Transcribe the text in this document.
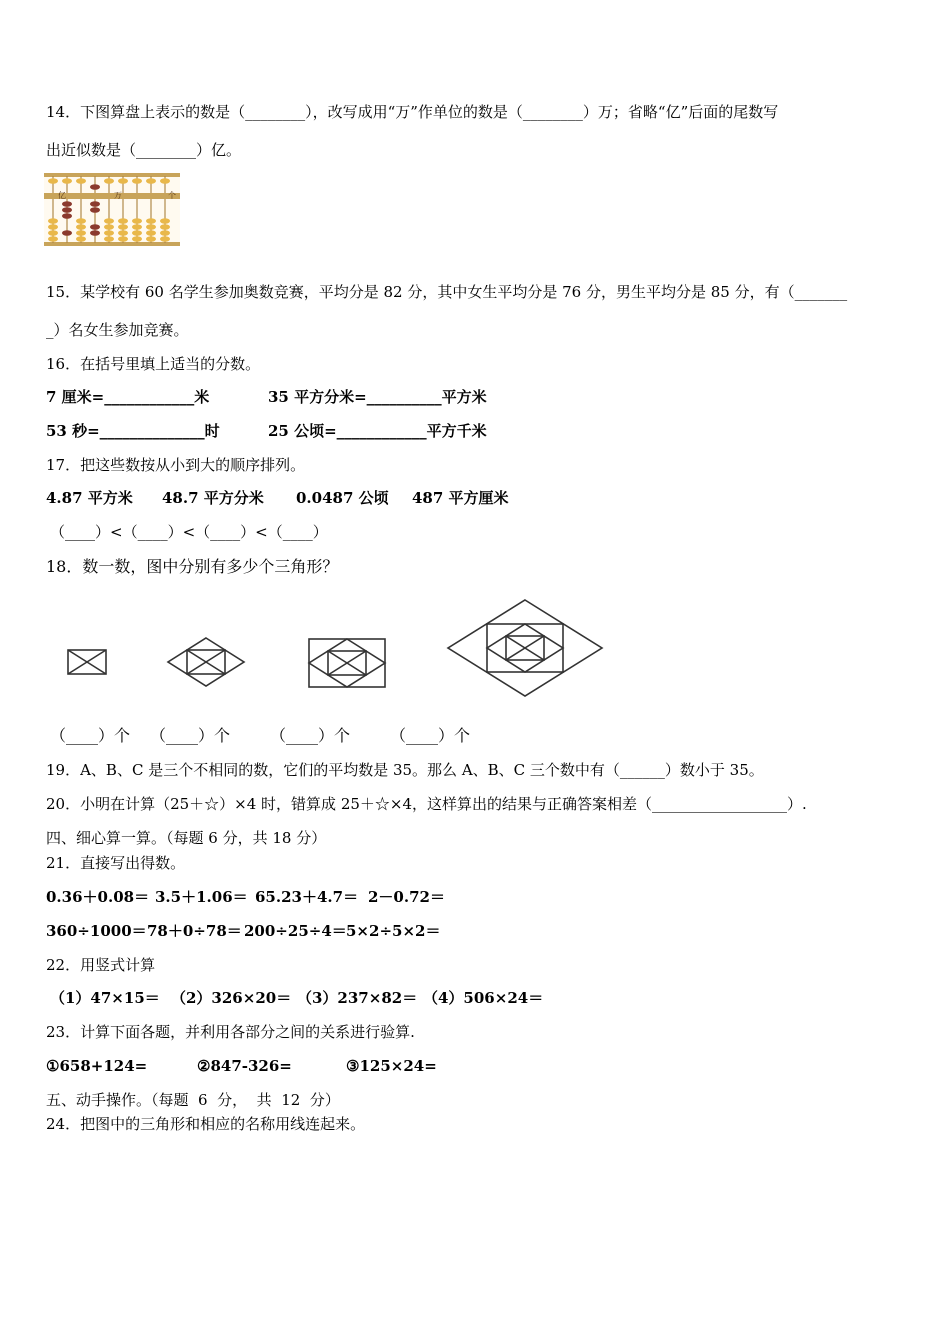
14．下图算盘上表示的数是（________），改写成用“万”作单位的数是（________）万；省略“亿”后面的尾数写
出近似数是（________）亿。
亿	万	个
15．某学校有 60 名学生参加奥数竞赛，平均分是 82 分，其中女生平均分是 76 分，男生平均分是 85 分，有（_______
_）名女生参加竞赛。
16．在括号里填上适当的分数。
7 厘米=____________米	35 平方分米=__________平方米
53 秒=______________时	25 公顷=____________平方千米
17．把这些数按从小到大的顺序排列。
4.87 平方米 48.7 平方分米 0.0487 公顷 487 平方厘米
（____）<（____）<（____）<（____）
18．数一数，图中分别有多少个三角形？
（____）个 （____）个 （____）个 （____）个
19．A、B、C 是三个不相同的数，它们的平均数是 35。那么 A、B、C 三个数中有（______）数小于 35。
20．小明在计算（25＋☆）×4 时，错算成 25＋☆×4，这样算出的结果与正确答案相差（__________________）.
四、细心算一算。（每题 6 分，共 18 分）
21．直接写出得数。
0.36＋0.08＝ 3.5＋1.06＝ 65.23＋4.7＝ 2－0.72＝
360÷1000＝ 78＋0÷78＝ 200÷25÷4＝ 5×2÷5×2＝
22．用竖式计算
（1）47×15＝ （2）326×20＝ （3）237×82＝ （4）506×24＝
23．计算下面各题，并利用各部分之间的关系进行验算.
①658+124=	②847-326=	③125×24=
五、动手操作。（每题  6  分，  共  12  分）
24．把图中的三角形和相应的名称用线连起来。
